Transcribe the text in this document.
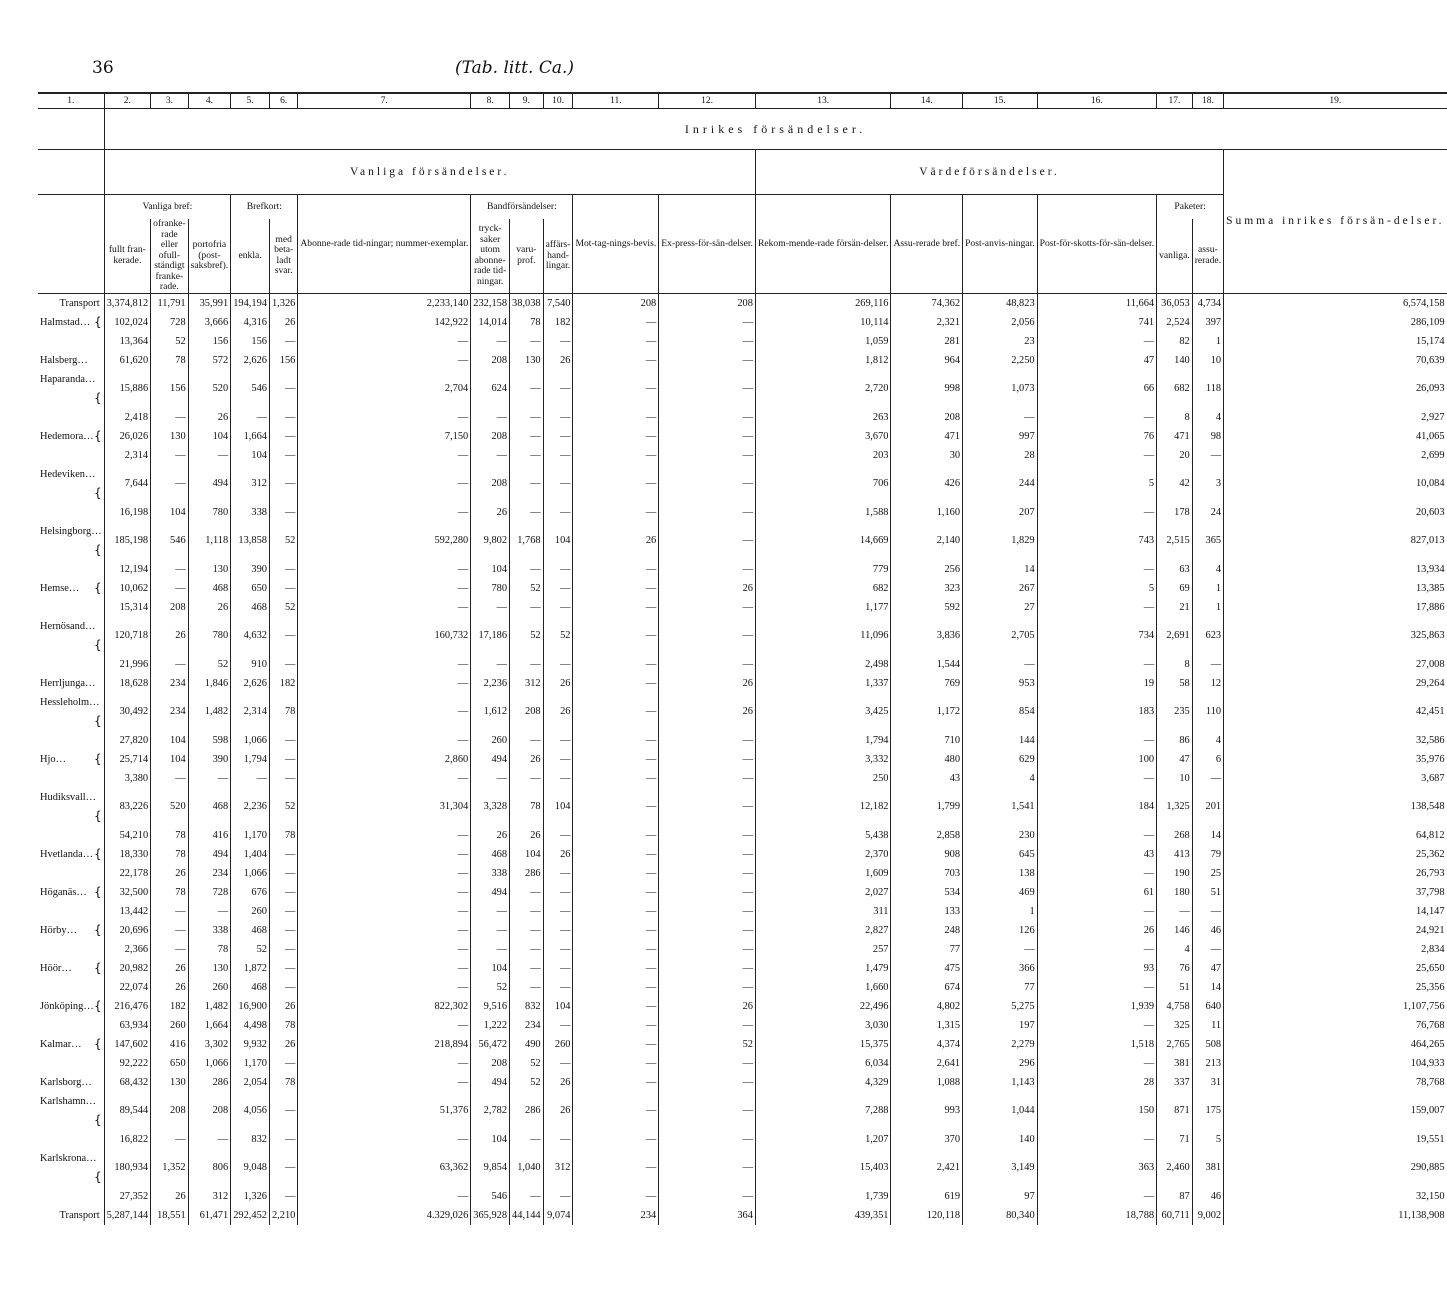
36	(Tab. litt. Ca.)
1.	2.	3.	4.	5.	6.	7.	8.	9.	10.	11.	12.	13.	14.	15.	16.	17.	18.	19.
	Inrikes försändelser.																	
	Vanliga försändelser.											Värdeförsändelser.						Summa inrikes försän-delser.
	Vanliga bref:			Brefkort:		Abonne-rade tid-ningar; nummer-exemplar.	Bandförsändelser:			Mot-tag-nings-bevis.	Ex-press-för-sän-delser.	Rekom-mende-rade försän-delser.	Assu-rerade bref.	Post-anvis-ningar.	Post-för-skotts-för-sän-delser.	Paketer:		
	fullt fran-kerade.	ofranke-rade eller ofull-ständigt franke-rade.	portofria (post-saksbref).	enkla.	med beta-ladt svar.		tryck-saker utom abonne-rade tid-ningar.	varu-prof.	affärs-hand-lingar.							vanliga.	assu-rerade.	
Transport	3,374,812	11,791	35,991	194,194	1,326	2,233,140	232,158	38,038	7,540	208	208	269,116	74,362	48,823	11,664	36,053	4,734	6,574,158
Halmstad… {	102,024	728	3,666	4,316	26	142,922	14,014	78	182	—	—	10,114	2,321	2,056	741	2,524	397	286,109
	13,364	52	156	156	—	—	—	—	—	—	—	1,059	281	23	—	82	1	15,174
Halsberg…	61,620	78	572	2,626	156	—	208	130	26	—	—	1,812	964	2,250	47	140	10	70,639
Haparanda…
{	15,886	156	520	546	—	2,704	624	—	—	—	—	2,720	998	1,073	66	682	118	26,093
	2,418	—	26	—	—	—	—	—	—	—	—	263	208	—	—	8	4	2,927
Hedemora… {	26,026	130	104	1,664	—	7,150	208	—	—	—	—	3,670	471	997	76	471	98	41,065
	2,314	—	—	104	—	—	—	—	—	—	—	203	30	28	—	20	—	2,699
Hedeviken…
{	7,644	—	494	312	—	—	208	—	—	—	—	706	426	244	5	42	3	10,084
	16,198	104	780	338	—	—	26	—	—	—	—	1,588	1,160	207	—	178	24	20,603
Helsingborg…
{	185,198	546	1,118	13,858	52	592,280	9,802	1,768	104	26	—	14,669	2,140	1,829	743	2,515	365	827,013
	12,194	—	130	390	—	—	104	—	—	—	—	779	256	14	—	63	4	13,934
Hemse… {	10,062	—	468	650	—	—	780	52	—	—	26	682	323	267	5	69	1	13,385
	15,314	208	26	468	52	—	—	—	—	—	—	1,177	592	27	—	21	1	17,886
Hernösand…
{	120,718	26	780	4,632	—	160,732	17,186	52	52	—	—	11,096	3,836	2,705	734	2,691	623	325,863
	21,996	—	52	910	—	—	—	—	—	—	—	2,498	1,544	—	—	8	—	27,008
Herrljunga…	18,628	234	1,846	2,626	182	—	2,236	312	26	—	26	1,337	769	953	19	58	12	29,264
Hessleholm…
{	30,492	234	1,482	2,314	78	—	1,612	208	26	—	26	3,425	1,172	854	183	235	110	42,451
	27,820	104	598	1,066	—	—	260	—	—	—	—	1,794	710	144	—	86	4	32,586
Hjo… {	25,714	104	390	1,794	—	2,860	494	26	—	—	—	3,332	480	629	100	47	6	35,976
	3,380	—	—	—	—	—	—	—	—	—	—	250	43	4	—	10	—	3,687
Hudiksvall…
{	83,226	520	468	2,236	52	31,304	3,328	78	104	—	—	12,182	1,799	1,541	184	1,325	201	138,548
	54,210	78	416	1,170	78	—	26	26	—	—	—	5,438	2,858	230	—	268	14	64,812
Hvetlanda… {	18,330	78	494	1,404	—	—	468	104	26	—	—	2,370	908	645	43	413	79	25,362
	22,178	26	234	1,066	—	—	338	286	—	—	—	1,609	703	138	—	190	25	26,793
Höganäs… {	32,500	78	728	676	—	—	494	—	—	—	—	2,027	534	469	61	180	51	37,798
	13,442	—	—	260	—	—	—	—	—	—	—	311	133	1	—	—	—	14,147
Hörby… {	20,696	—	338	468	—	—	—	—	—	—	—	2,827	248	126	26	146	46	24,921
	2,366	—	78	52	—	—	—	—	—	—	—	257	77	—	—	4	—	2,834
Höör… {	20,982	26	130	1,872	—	—	104	—	—	—	—	1,479	475	366	93	76	47	25,650
	22,074	26	260	468	—	—	52	—	—	—	—	1,660	674	77	—	51	14	25,356
Jönköping… {	216,476	182	1,482	16,900	26	822,302	9,516	832	104	—	26	22,496	4,802	5,275	1,939	4,758	640	1,107,756
	63,934	260	1,664	4,498	78	—	1,222	234	—	—	—	3,030	1,315	197	—	325	11	76,768
Kalmar… {	147,602	416	3,302	9,932	26	218,894	56,472	490	260	—	52	15,375	4,374	2,279	1,518	2,765	508	464,265
	92,222	650	1,066	1,170	—	—	208	52	—	—	—	6,034	2,641	296	—	381	213	104,933
Karlsborg…	68,432	130	286	2,054	78	—	494	52	26	—	—	4,329	1,088	1,143	28	337	31	78,768
Karlshamn…
{	89,544	208	208	4,056	—	51,376	2,782	286	26	—	—	7,288	993	1,044	150	871	175	159,007
	16,822	—	—	832	—	—	104	—	—	—	—	1,207	370	140	—	71	5	19,551
Karlskrona…
{	180,934	1,352	806	9,048	—	63,362	9,854	1,040	312	—	—	15,403	2,421	3,149	363	2,460	381	290,885
	27,352	26	312	1,326	—	—	546	—	—	—	—	1,739	619	97	—	87	46	32,150
Transport	5,287,144	18,551	61,471	292,452	2,210	4.329,026	365,928	44,144	9,074	234	364	439,351	120,118	80,340	18,788	60,711	9,002	11,138,908
